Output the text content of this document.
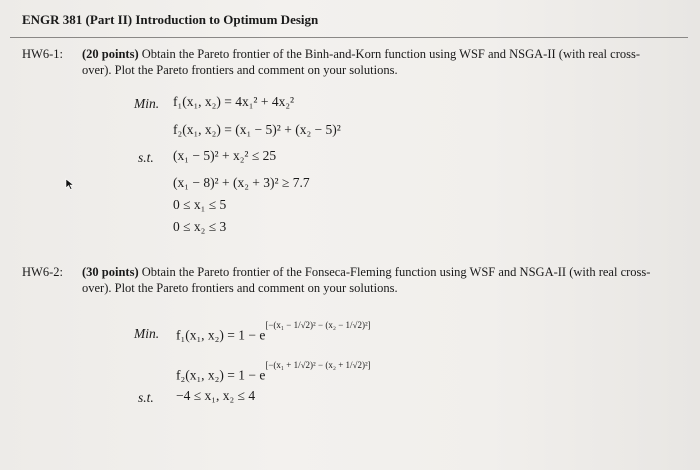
ENGR 381 (Part II) Introduction to Optimum Design
HW6-1: (20 points) Obtain the Pareto frontier of the Binh-and-Korn function using WSF and NSGA-II (with real cross-over). Plot the Pareto frontiers and comment on your solutions.
Min. f₁(x₁, x₂) = 4x₁² + 4x₂²
f₂(x₁, x₂) = (x₁ − 5)² + (x₂ − 5)²
s.t. (x₁ − 5)² + x₂² ≤ 25
(x₁ − 8)² + (x₂ + 3)² ≥ 7.7
0 ≤ x₁ ≤ 5
0 ≤ x₂ ≤ 3
HW6-2: (30 points) Obtain the Pareto frontier of the Fonseca-Fleming function using WSF and NSGA-II (with real cross-over). Plot the Pareto frontiers and comment on your solutions.
Min. f₁(x₁, x₂) = 1 − e[−(x₁ − 1/√2)² − (x₂ − 1/√2)²]
f₂(x₁, x₂) = 1 − e[−(x₁ + 1/√2)² − (x₂ + 1/√2)²]
s.t. −4 ≤ x₁, x₂ ≤ 4
